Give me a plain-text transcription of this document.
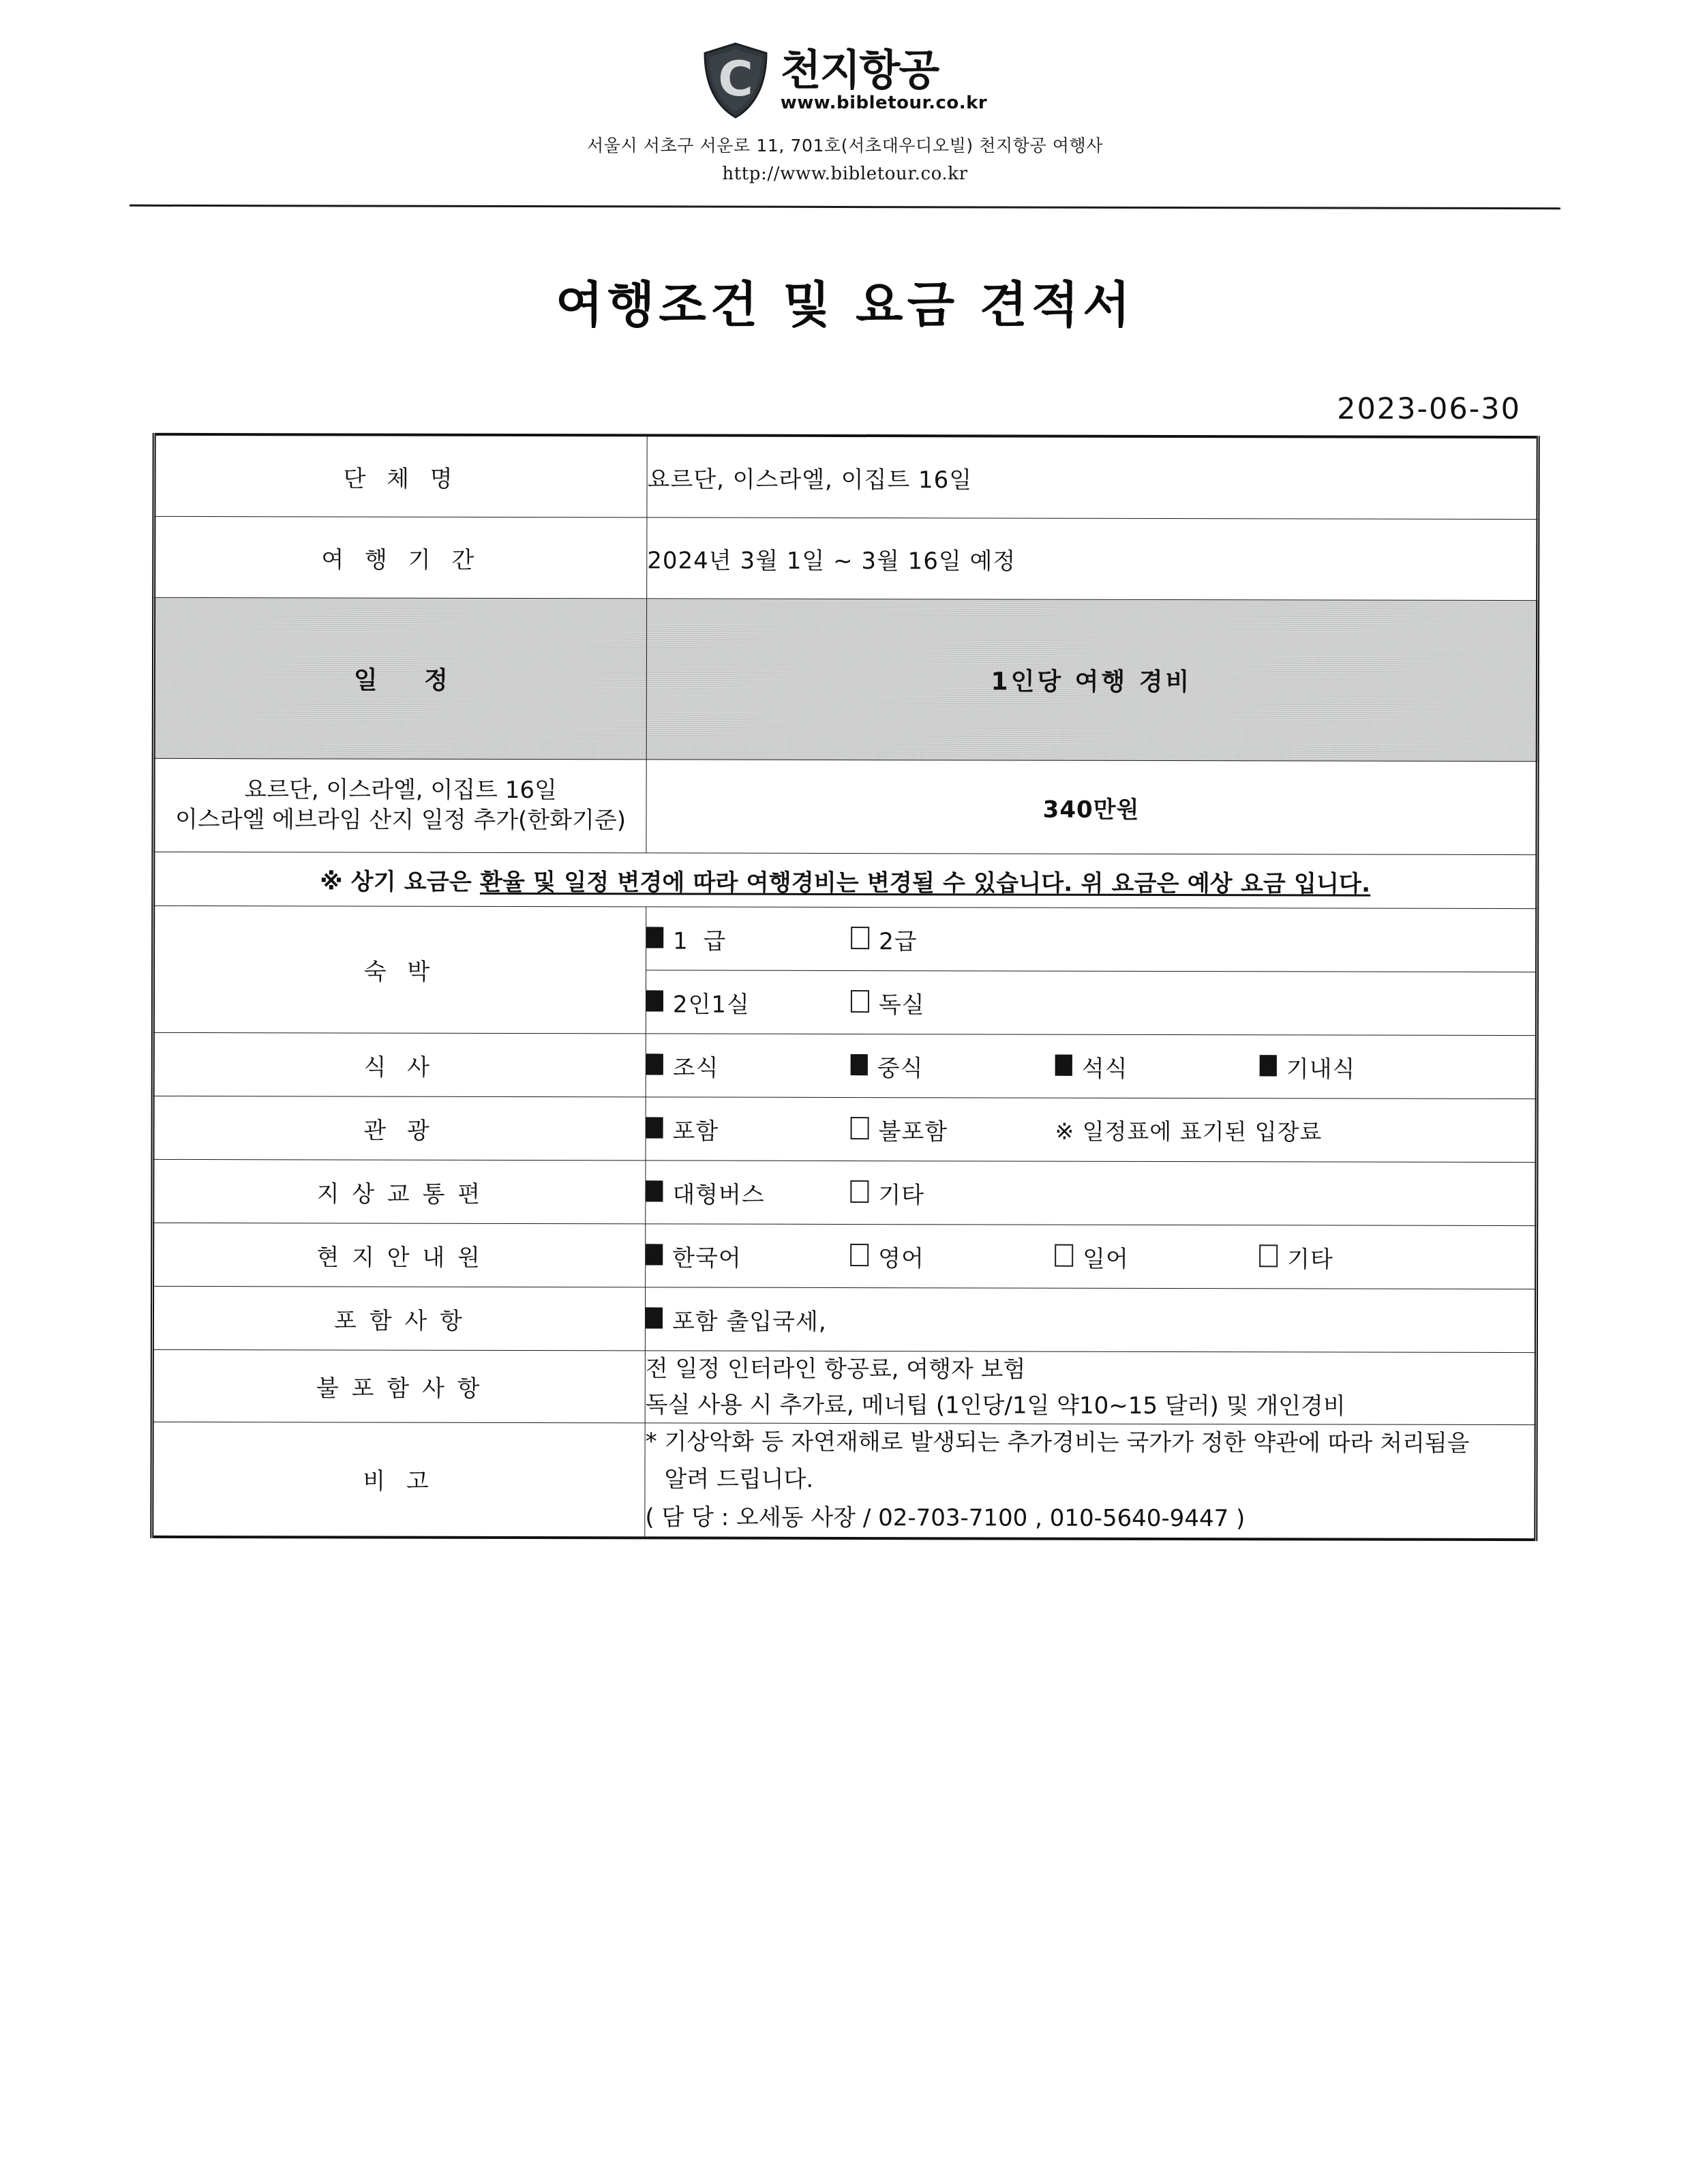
C 천지항공
www.bibletour.co.kr
서울시 서초구 서운로 11, 701호(서초대우디오빌) 천지항공 여행사
http://www.bibletour.co.kr
여행조건 및 요금 견적서
2023-06-30
단 체 명	요르단, 이스라엘, 이집트 16일
여 행 기 간	2024년 3월 1일 ~ 3월 16일 예정
일 정	1인당 여행 경비

요르단, 이스라엘, 이집트 16일
이스라엘 에브라임 산지 일정 추가(한화기준)	340만원
※ 상기 요금은 환율 및 일정 변경에 따라 여행경비는 변경될 수 있습니다. 위 요금은 예상 요금 입니다.	
숙 박	1 급 2급

	2인1실 독실

식 사	조식 중식 석식 기내식

관 광	포함 불포함 ※ 일정표에 표기된 입장료

지 상 교 통 편	대형버스 기타

현 지 안 내 원	한국어 영어 일어 기타

포 함 사 항	포함 출입국세,

불 포 함 사 항	전 일정 인터라인 항공료, 여행자 보험
독실 사용 시 추가료, 메너팁 (1인당/1일 약10~15 달러) 및 개인경비

비 고	* 기상악화 등 자연재해로 발생되는 추가경비는 국가가 정한 약관에 따라 처리됨을
알려 드립니다.
( 담 당 : 오세동 사장 / 02-703-7100 , 010-5640-9447 )
